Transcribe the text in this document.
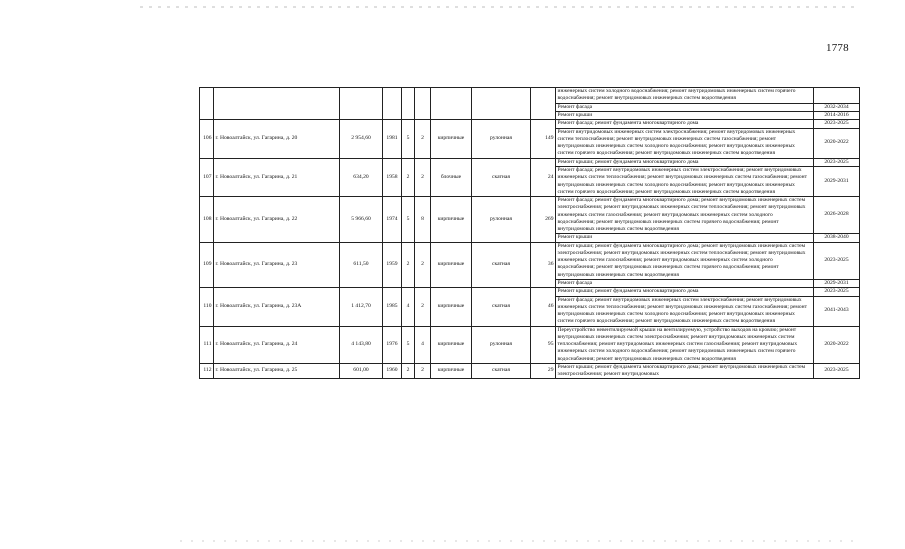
1778
									инженерных систем холодного водоснабжения; ремонт внутридомовых инженерных систем горячего водоснабжения; ремонт внутридомовых инженерных систем водоотведения	
									Ремонт фасада	2032-2034
									Ремонт крыши	2014-2016
106	г. Новоалтайск, ул. Гагарина, д. 20	2 954,60	1981	5	2	кирпичные	рулонная	149	Ремонт фасада; ремонт фундамента многоквартирного дома	2023-2025
									Ремонт внутридомовых инженерных систем электроснабжения; ремонт внутридомовых инженерных систем теплоснабжения; ремонт внутридомовых инженерных систем газоснабжения; ремонт внутридомовых инженерных систем холодного водоснабжения; ремонт внутридомовых инженерных систем горячего водоснабжения; ремонт внутридомовых инженерных систем водоотведения	2020-2022
107	г. Новоалтайск, ул. Гагарина, д. 21	634,20	1958	2	2	блочные	скатная	24	Ремонт крыши; ремонт фундамента многоквартирного дома	2023-2025
									Ремонт фасада; ремонт внутридомовых инженерных систем электроснабжения; ремонт внутридомовых инженерных систем теплоснабжения; ремонт внутридомовых инженерных систем газоснабжения; ремонт внутридомовых инженерных систем холодного водоснабжения; ремонт внутридомовых инженерных систем горячего водоснабжения; ремонт внутридомовых инженерных систем водоотведения	2029-2031
108	г. Новоалтайск, ул. Гагарина, д. 22	5 966,60	1974	5	8	кирпичные	рулонная	269	Ремонт фасада; ремонт фундамента многоквартирного дома; ремонт внутридомовых инженерных систем электроснабжения; ремонт внутридомовых инженерных систем теплоснабжения; ремонт внутридомовых инженерных систем газоснабжения; ремонт внутридомовых инженерных систем холодного водоснабжения; ремонт внутридомовых инженерных систем горячего водоснабжения; ремонт внутридомовых инженерных систем водоотведения	2026-2028
									Ремонт крыши	2038-2040
109	г. Новоалтайск, ул. Гагарина, д. 23	611,50	1959	2	2	кирпичные	скатная	36	Ремонт крыши; ремонт фундамента многоквартирного дома; ремонт внутридомовых инженерных систем электроснабжения; ремонт внутридомовых инженерных систем теплоснабжения; ремонт внутридомовых инженерных систем газоснабжения; ремонт внутридомовых инженерных систем холодного водоснабжения; ремонт внутридомовых инженерных систем горячего водоснабжения; ремонт внутридомовых инженерных систем водоотведения	2023-2025
									Ремонт фасада	2029-2031
110	г. Новоалтайск, ул. Гагарина, д. 23А	1 412,70	1985	4	2	кирпичные	скатная	46	Ремонт крыши; ремонт фундамента многоквартирного дома	2023-2025
									Ремонт фасада; ремонт внутридомовых инженерных систем электроснабжения; ремонт внутридомовых инженерных систем теплоснабжения; ремонт внутридомовых инженерных систем газоснабжения; ремонт внутридомовых инженерных систем холодного водоснабжения; ремонт внутридомовых инженерных систем горячего водоснабжения; ремонт внутридомовых инженерных систем водоотведения	2041-2043
111	г. Новоалтайск, ул. Гагарина, д. 24	4 143,80	1976	5	4	кирпичные	рулонная	95	Переустройство невентилируемой крыши на вентилируемую, устройство выходов на кровлю; ремонт внутридомовых инженерных систем электроснабжения; ремонт внутридомовых инженерных систем теплоснабжения; ремонт внутридомовых инженерных систем газоснабжения; ремонт внутридомовых инженерных систем холодного водоснабжения; ремонт внутридомовых инженерных систем горячего водоснабжения; ремонт внутридомовых инженерных систем водоотведения	2020-2022
112	г. Новоалтайск, ул. Гагарина, д. 25	601,00	1960	2	2	кирпичные	скатная	29	Ремонт крыши; ремонт фундамента многоквартирного дома; ремонт внутридомовых инженерных систем электроснабжения; ремонт внутридомовых	2023-2025
